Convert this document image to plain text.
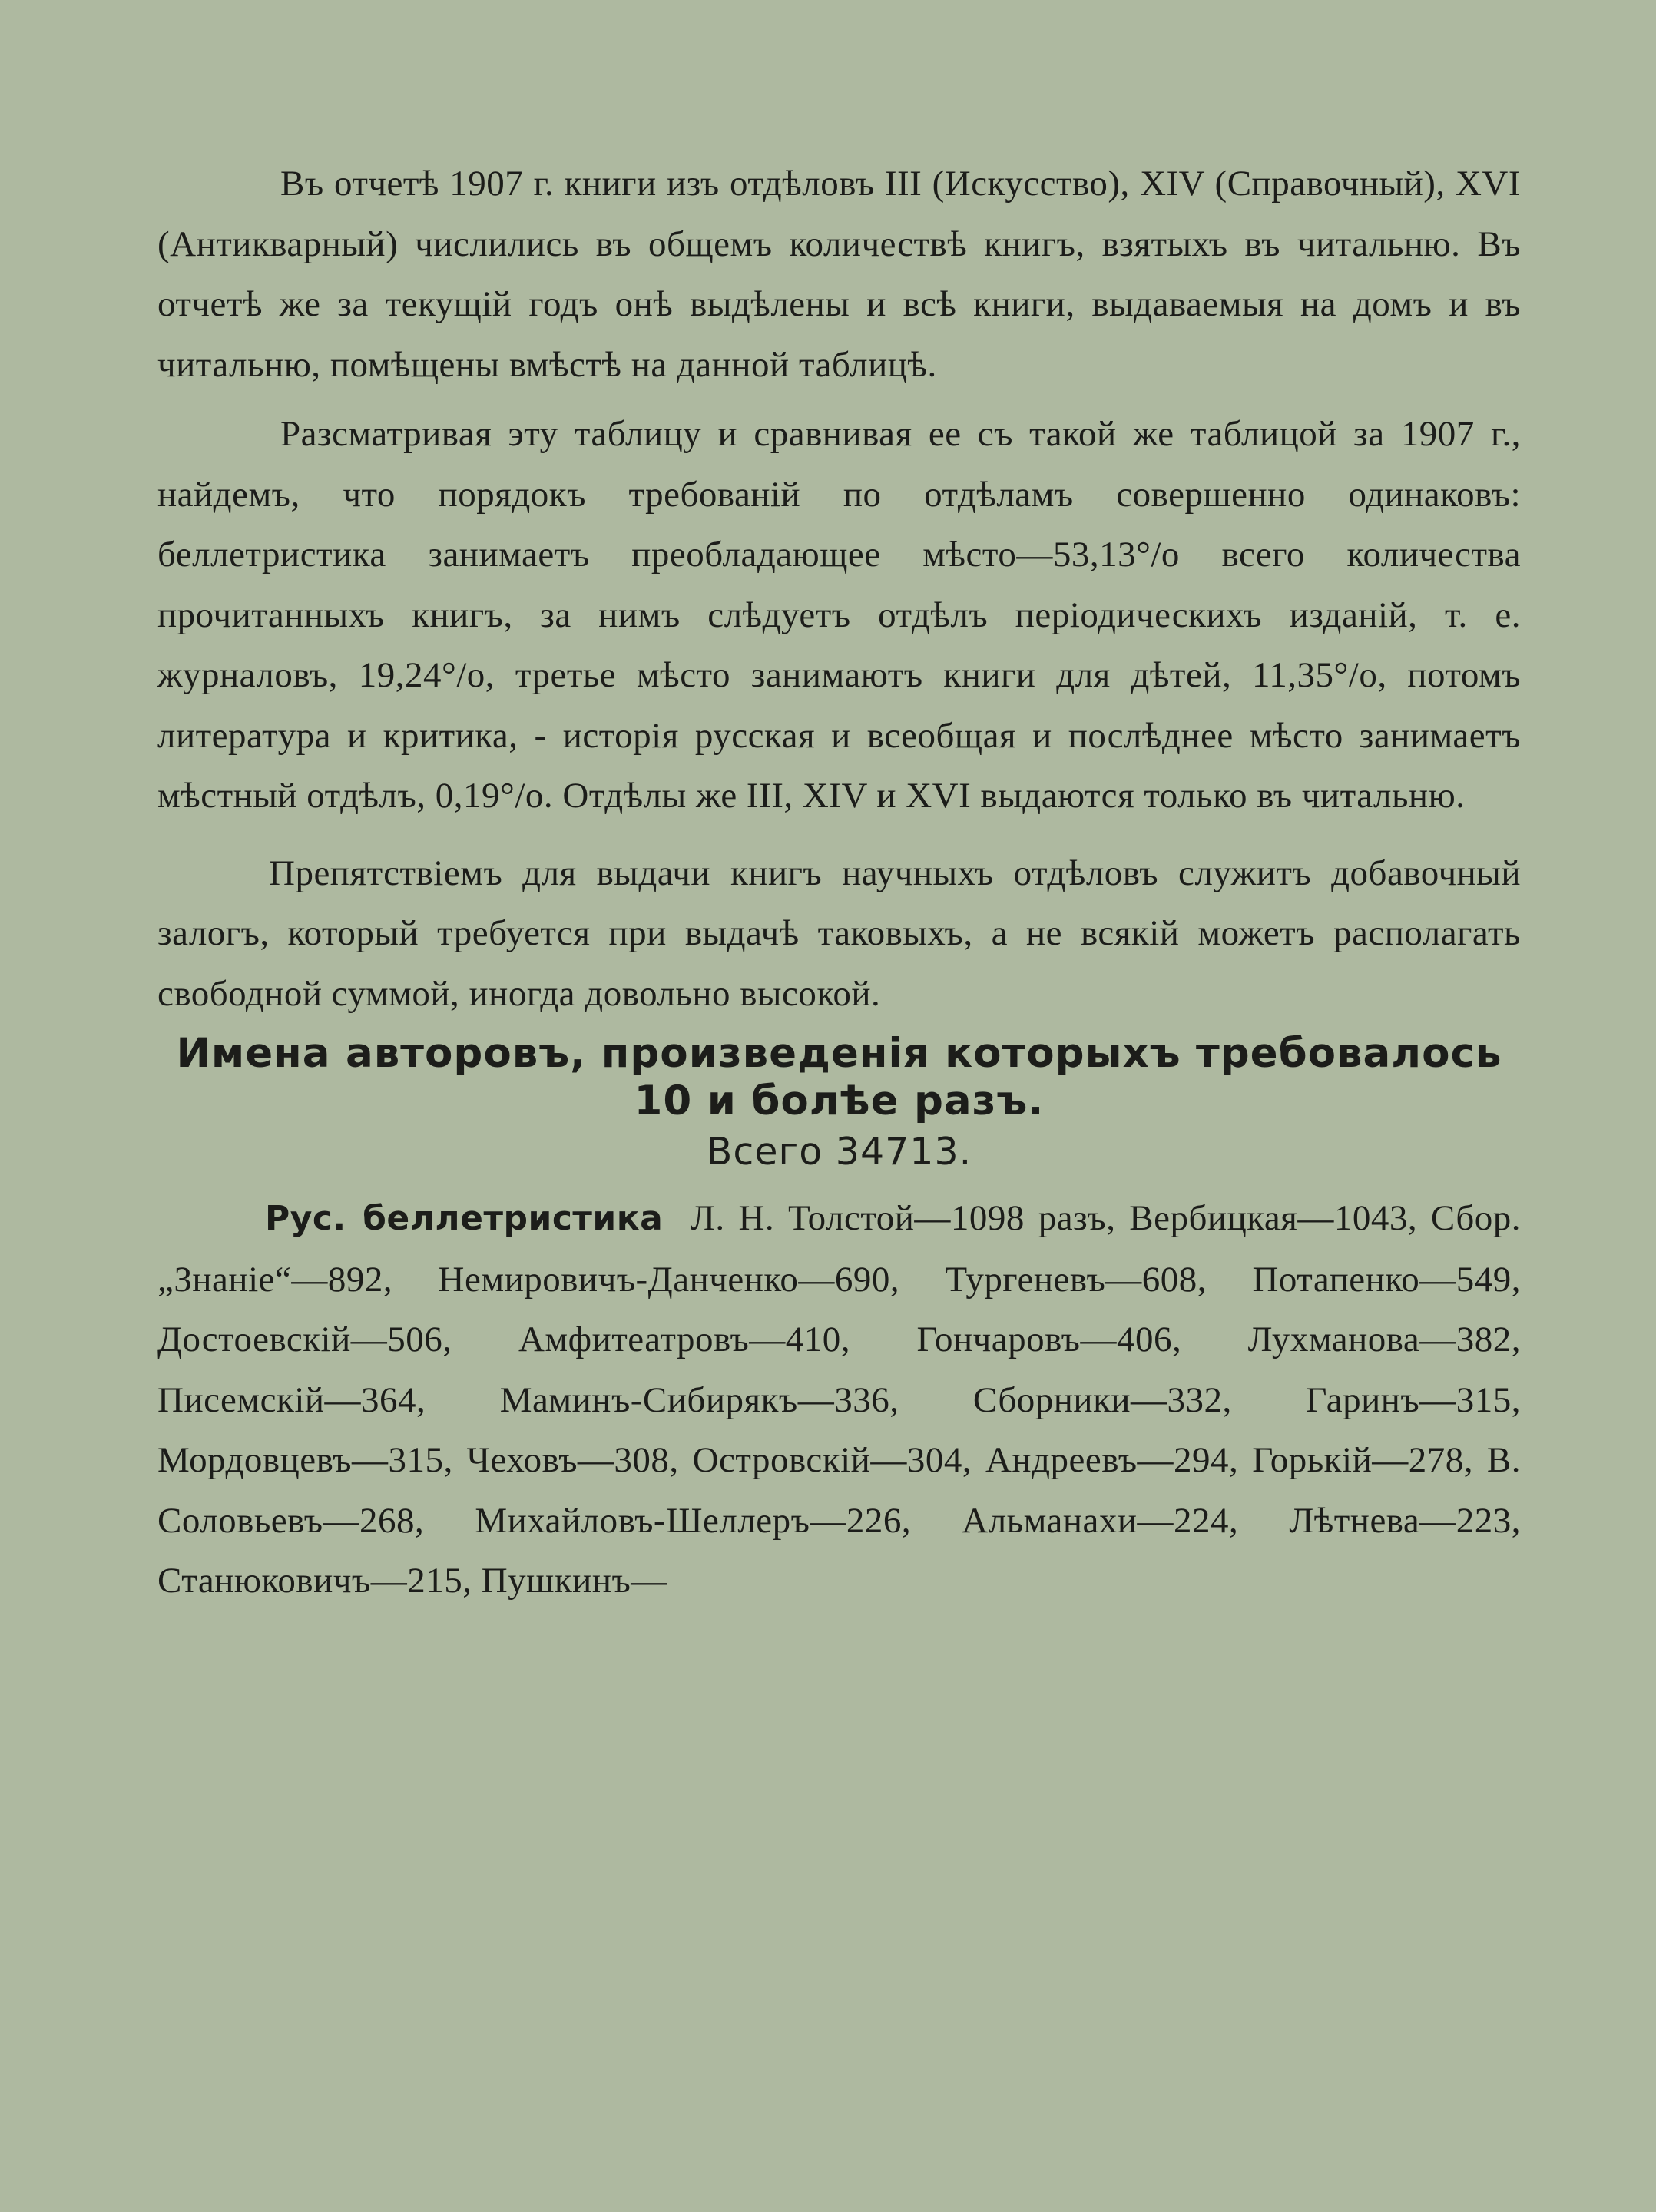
Въ отчетѣ 1907 г. книги изъ отдѣловъ III (Искусство), XIV (Справочный), XVI (Антикварный) числились въ общемъ количествѣ книгъ, взятыхъ въ читальню. Въ отчетѣ же за текущій годъ онѣ выдѣлены и всѣ книги, выдаваемыя на домъ и въ читальню, помѣщены вмѣстѣ на данной таблицѣ.

Разсматривая эту таблицу и сравнивая ее съ такой же таблицой за 1907 г., найдемъ, что порядокъ требованій по отдѣламъ совершенно одинаковъ: беллетристика занимаетъ преобладающее мѣсто—53,13°/о всего количества прочитанныхъ книгъ, за нимъ слѣдуетъ отдѣлъ періодическихъ изданій, т. е. журналовъ, 19,24°/о, третье мѣсто занимаютъ книги для дѣтей, 11,35°/о, потомъ литература и критика, - исторія русская и всеобщая и послѣднее мѣсто занимаетъ мѣстный отдѣлъ, 0,19°/о. Отдѣлы же III, XIV и XVI выдаются только въ читальню.

Препятствіемъ для выдачи книгъ научныхъ отдѣловъ служитъ добавочный залогъ, который требуется при выдачѣ таковыхъ, а не всякій можетъ располагать свободной суммой, иногда довольно высокой.

Имена авторовъ, произведенія которыхъ требовалось 10 и болѣе разъ.

Всего 34713.

Рус. беллетристика Л. Н. Толстой—1098 разъ, Вербицкая—1043, Сбор. „Знаніе“—892, Немировичъ-Данченко—690, Тургеневъ—608, Потапенко—549, Достоевскій—506, Амфитеатровъ—410, Гончаровъ—406, Лухманова—382, Писемскій—364, Маминъ-Сибирякъ—336, Сборники—332, Гаринъ—315, Мордовцевъ—315, Чеховъ—308, Островскій—304, Андреевъ—294, Горькій—278, В. Соловьевъ—268, Михайловъ-Шеллеръ—226, Альманахи—224, Лѣтнева—223, Станюковичъ—215, Пушкинъ—
